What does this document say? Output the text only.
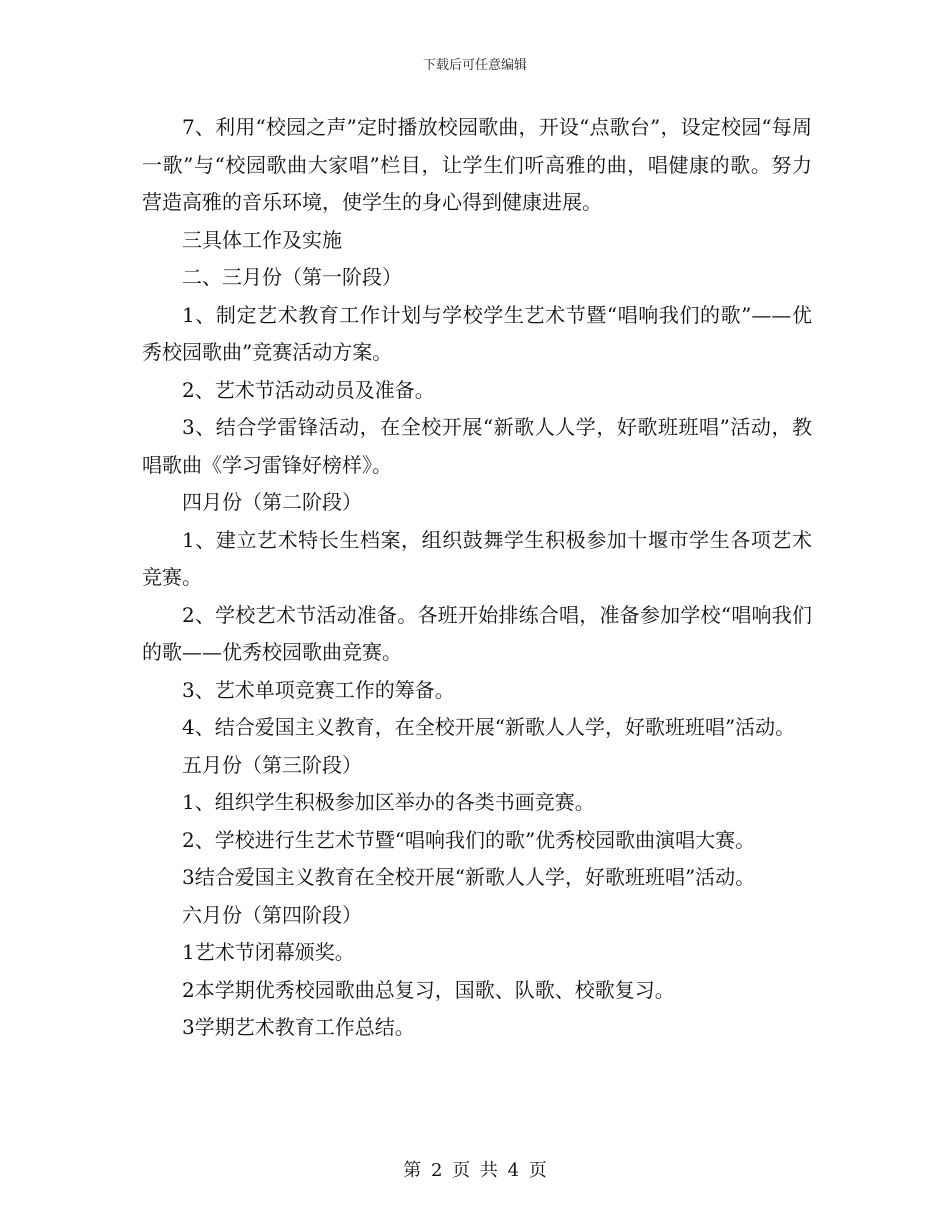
下载后可任意编辑

7、利用“校园之声”定时播放校园歌曲，开设“点歌台”，设定校园“每周一歌”与“校园歌曲大家唱”栏目，让学生们听高雅的曲，唱健康的歌。努力营造高雅的音乐环境，使学生的身心得到健康进展。

三具体工作及实施

二、三月份（第一阶段）

1、制定艺术教育工作计划与学校学生艺术节暨“唱响我们的歌”——优秀校园歌曲”竞赛活动方案。

2、艺术节活动动员及准备。

3、结合学雷锋活动，在全校开展“新歌人人学，好歌班班唱”活动，教唱歌曲《学习雷锋好榜样》。

四月份（第二阶段）

1、建立艺术特长生档案，组织鼓舞学生积极参加十堰市学生各项艺术竞赛。

2、学校艺术节活动准备。各班开始排练合唱，准备参加学校“唱响我们的歌——优秀校园歌曲竞赛。

3、艺术单项竞赛工作的筹备。

4、结合爱国主义教育，在全校开展“新歌人人学，好歌班班唱”活动。

五月份（第三阶段）

1、组织学生积极参加区举办的各类书画竞赛。

2、学校进行生艺术节暨“唱响我们的歌”优秀校园歌曲演唱大赛。

3结合爱国主义教育在全校开展“新歌人人学，好歌班班唱”活动。

六月份（第四阶段）

1艺术节闭幕颁奖。

2本学期优秀校园歌曲总复习，国歌、队歌、校歌复习。

3学期艺术教育工作总结。

第 2 页 共 4 页
